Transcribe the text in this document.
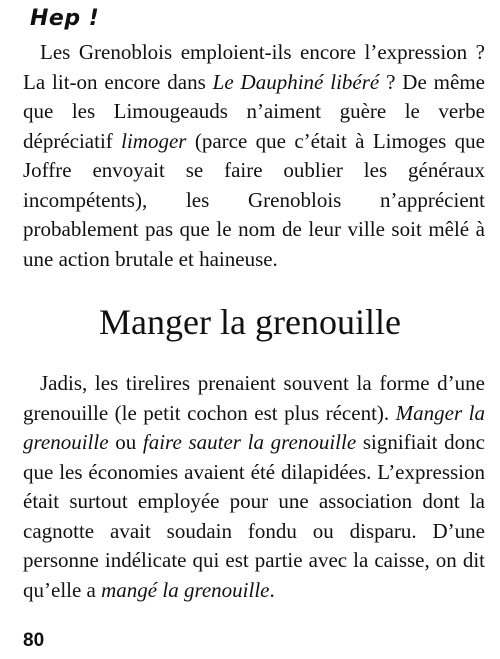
Hep !

Les Grenoblois emploient-ils encore l’expression ? La lit-on encore dans Le Dauphiné libéré ? De même que les Limougeauds n’aiment guère le verbe dépréciatif limoger (parce que c’était à Limoges que Joffre envoyait se faire oublier les généraux incompétents), les Grenoblois n’apprécient probablement pas que le nom de leur ville soit mêlé à une action brutale et haineuse.

Manger la grenouille

Jadis, les tirelires prenaient souvent la forme d’une grenouille (le petit cochon est plus récent). Manger la grenouille ou faire sauter la grenouille signifiait donc que les économies avaient été dilapidées. L’expression était surtout employée pour une association dont la cagnotte avait soudain fondu ou disparu. D’une personne indélicate qui est partie avec la caisse, on dit qu’elle a mangé la grenouille.

80
